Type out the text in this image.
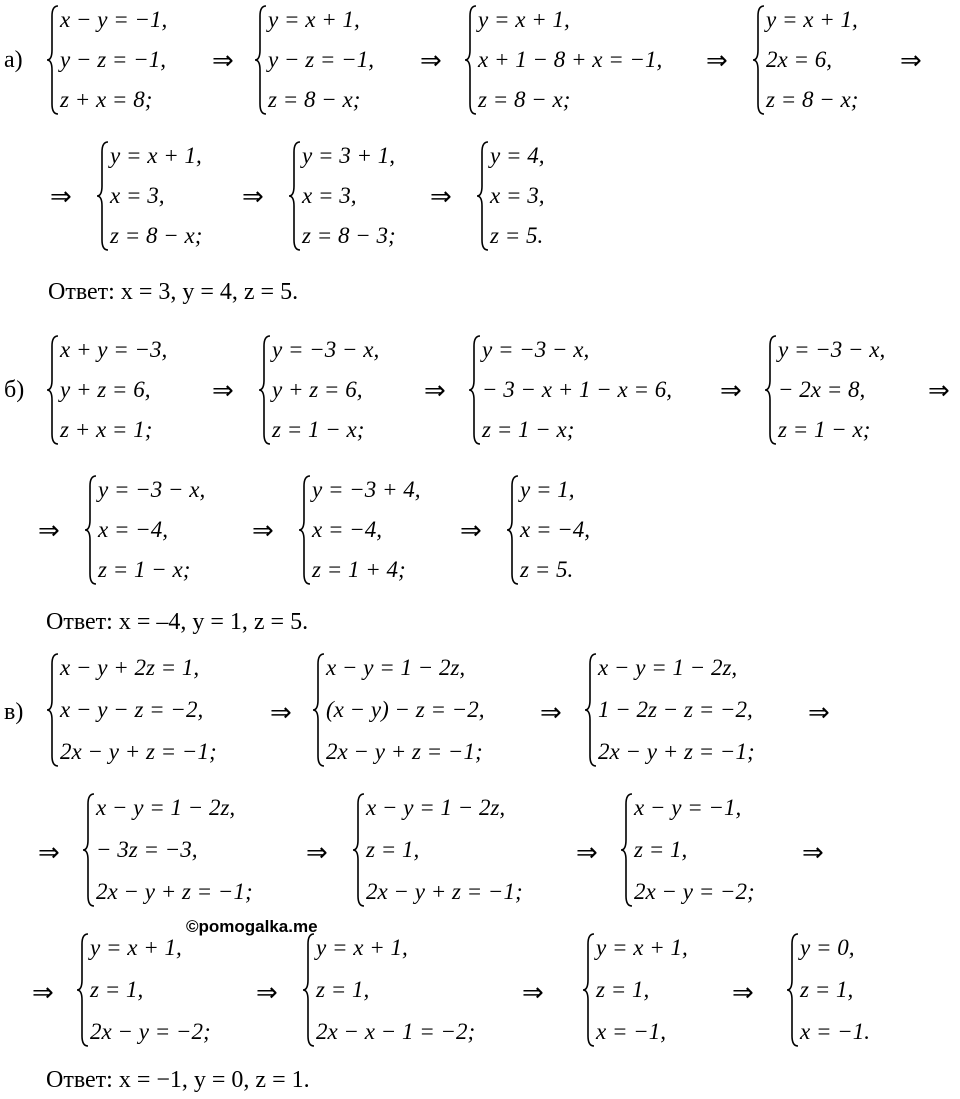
а)
x − y = −1,
y − z = −1,
z + x = 8;
⇒
y = x + 1,
y − z = −1,
z = 8 − x;
⇒
y = x + 1,
x + 1 − 8 + x = −1,
z = 8 − x;
⇒
y = x + 1,
2x = 6,
z = 8 − x;
⇒
⇒
y = x + 1,
x = 3,
z = 8 − x;
⇒
y = 3 + 1,
x = 3,
z = 8 − 3;
⇒
y = 4,
x = 3,
z = 5.
Ответ: x = 3, y = 4, z = 5.
б)
x + y = −3,
y + z = 6,
z + x = 1;
⇒
y = −3 − x,
y + z = 6,
z = 1 − x;
⇒
y = −3 − x,
− 3 − x + 1 − x = 6,
z = 1 − x;
⇒
y = −3 − x,
− 2x = 8,
z = 1 − x;
⇒
⇒
y = −3 − x,
x = −4,
z = 1 − x;
⇒
y = −3 + 4,
x = −4,
z = 1 + 4;
⇒
y = 1,
x = −4,
z = 5.
Ответ: x = –4, y = 1, z = 5.
в)
x − y + 2z = 1,
x − y − z = −2,
2x − y + z = −1;
⇒
x − y = 1 − 2z,
(x − y) − z = −2,
2x − y + z = −1;
⇒
x − y = 1 − 2z,
1 − 2z − z = −2,
2x − y + z = −1;
⇒
⇒
x − y = 1 − 2z,
− 3z = −3,
2x − y + z = −1;
⇒
x − y = 1 − 2z,
z = 1,
2x − y + z = −1;
⇒
x − y = −1,
z = 1,
2x − y = −2;
⇒
©pomogalka.me
⇒
y = x + 1,
z = 1,
2x − y = −2;
⇒
y = x + 1,
z = 1,
2x − x − 1 = −2;
⇒
y = x + 1,
z = 1,
x = −1,
⇒
y = 0,
z = 1,
x = −1.
Ответ: x = −1, y = 0, z = 1.
